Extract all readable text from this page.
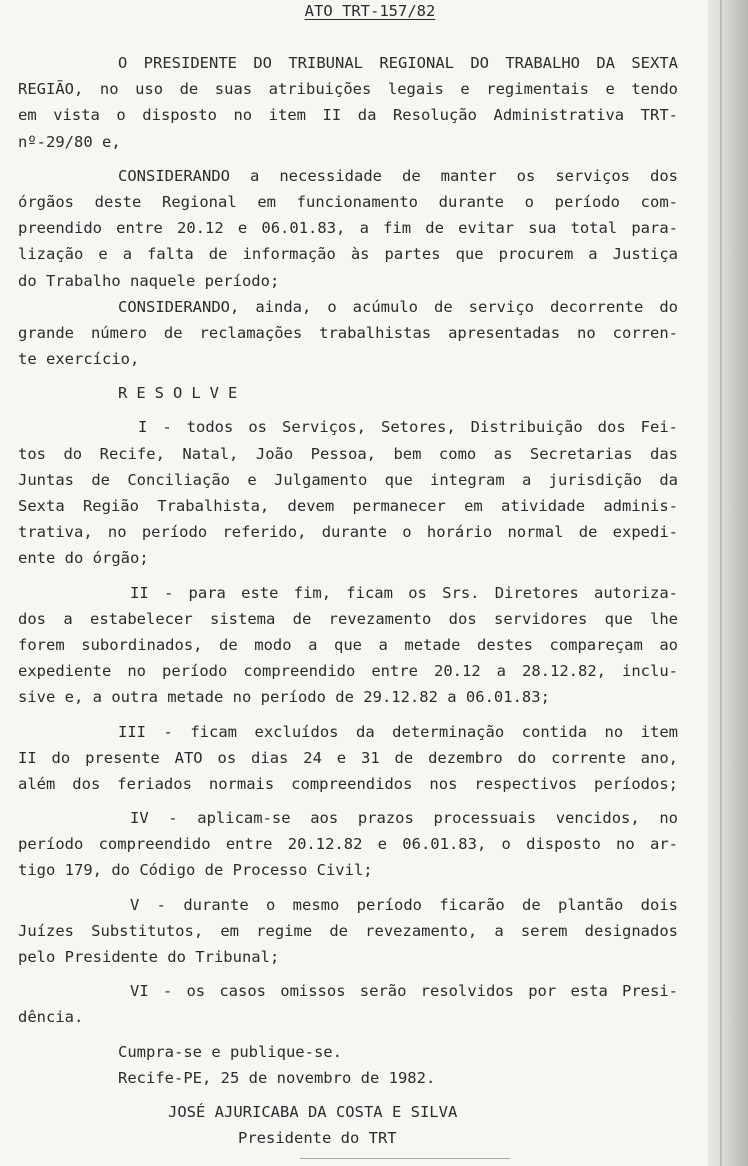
ATO TRT-157/82
O PRESIDENTE DO TRIBUNAL REGIONAL DO TRABALHO DA SEXTA
REGIÃO, no uso de suas atribuições legais e regimentais e tendo
em vista o disposto no item II da Resolução Administrativa TRT-
nº-29/80 e,
CONSIDERANDO a necessidade de manter os serviços dos
órgãos deste Regional em funcionamento durante o período com-
preendido entre 20.12 e 06.01.83, a fim de evitar sua total para-
lização e a falta de informação às partes que procurem a Justiça
do Trabalho naquele período;
CONSIDERANDO, ainda, o acúmulo de serviço decorrente do
grande número de reclamações trabalhistas apresentadas no corren-
te exercício,
RESOLVE
I - todos os Serviços, Setores, Distribuição dos Fei-
tos do Recife, Natal, João Pessoa, bem como as Secretarias das
Juntas de Conciliação e Julgamento que integram a jurisdição da
Sexta Região Trabalhista, devem permanecer em atividade adminis-
trativa, no período referido, durante o horário normal de expedi-
ente do órgão;
II - para este fim, ficam os Srs. Diretores autoriza-
dos a estabelecer sistema de revezamento dos servidores que lhe
forem subordinados, de modo a que a metade destes compareçam ao
expediente no período compreendido entre 20.12 a 28.12.82, inclu-
sive e, a outra metade no período de 29.12.82 a 06.01.83;
III - ficam excluídos da determinação contida no item
II do presente ATO os dias 24 e 31 de dezembro do corrente ano,
além dos feriados normais compreendidos nos respectivos períodos;
IV - aplicam-se aos prazos processuais vencidos, no
período compreendido entre 20.12.82 e 06.01.83, o disposto no ar-
tigo 179, do Código de Processo Civil;
V - durante o mesmo período ficarão de plantão dois
Juízes Substitutos, em regime de revezamento, a serem designados
pelo Presidente do Tribunal;
VI - os casos omissos serão resolvidos por esta Presi-
dência.
Cumpra-se e publique-se.
Recife-PE, 25 de novembro de 1982.
JOSÉ AJURICABA DA COSTA E SILVA
Presidente do TRT
